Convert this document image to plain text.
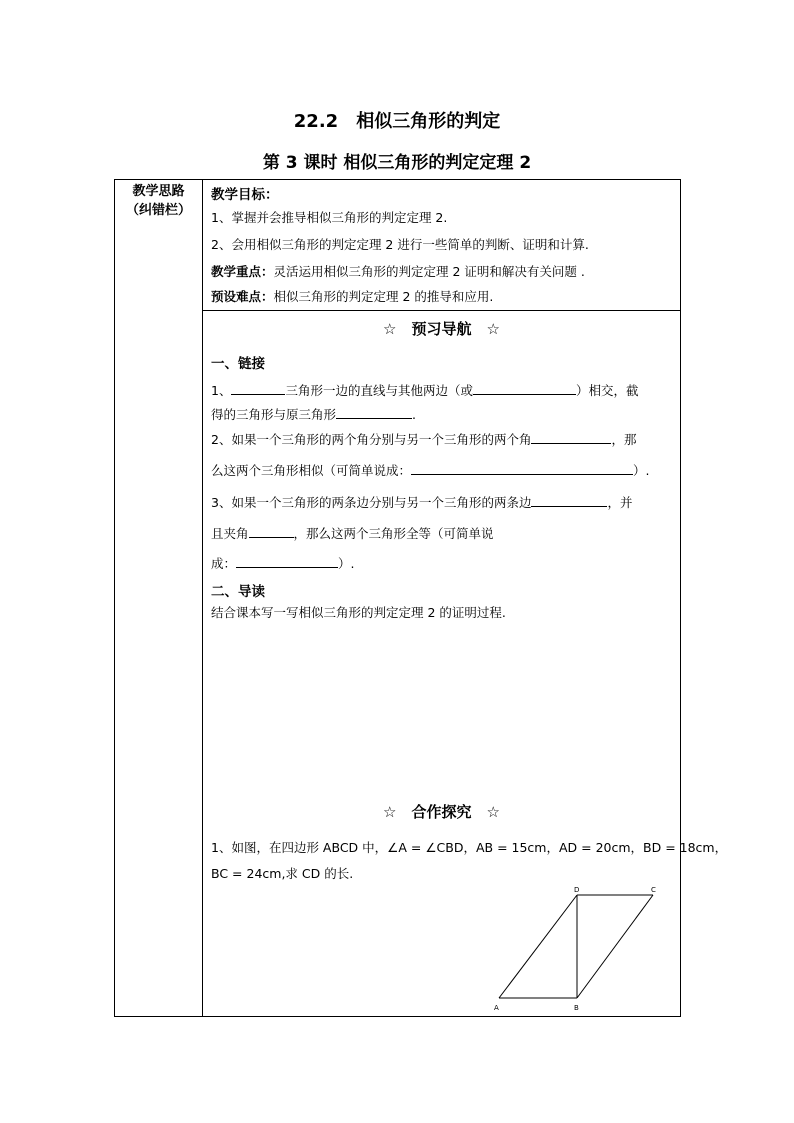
22.2　相似三角形的判定
第 3 课时 相似三角形的判定定理 2
教学思路
（纠错栏）

教学目标：
1、掌握并会推导相似三角形的判定定理 2.
2、会用相似三角形的判定定理 2 进行一些简单的判断、证明和计算.
教学重点：灵活运用相似三角形的判定定理 2 证明和解决有关问题 .
预设难点：相似三角形的判定定理 2 的推导和应用.
☆　预习导航　☆
一、链接
1、	三角形一边的直线与其他两边（或	）相交，截
得的三角形与原三角形	.
2、如果一个三角形的两个角分别与另一个三角形的两个角	，那
么这两个三角形相似（可简单说成：	）.
3、如果一个三角形的两条边分别与另一个三角形的两条边	，并
且夹角	，那么这两个三角形全等（可简单说
成：	）.
二、导读
结合课本写一写相似三角形的判定定理 2 的证明过程.
☆　合作探究　☆
1、如图，在四边形 ABCD 中，∠A = ∠CBD，AB = 15cm，AD = 20cm，BD = 18cm，
BC = 24cm,求 CD 的长.
A	B
C
D
